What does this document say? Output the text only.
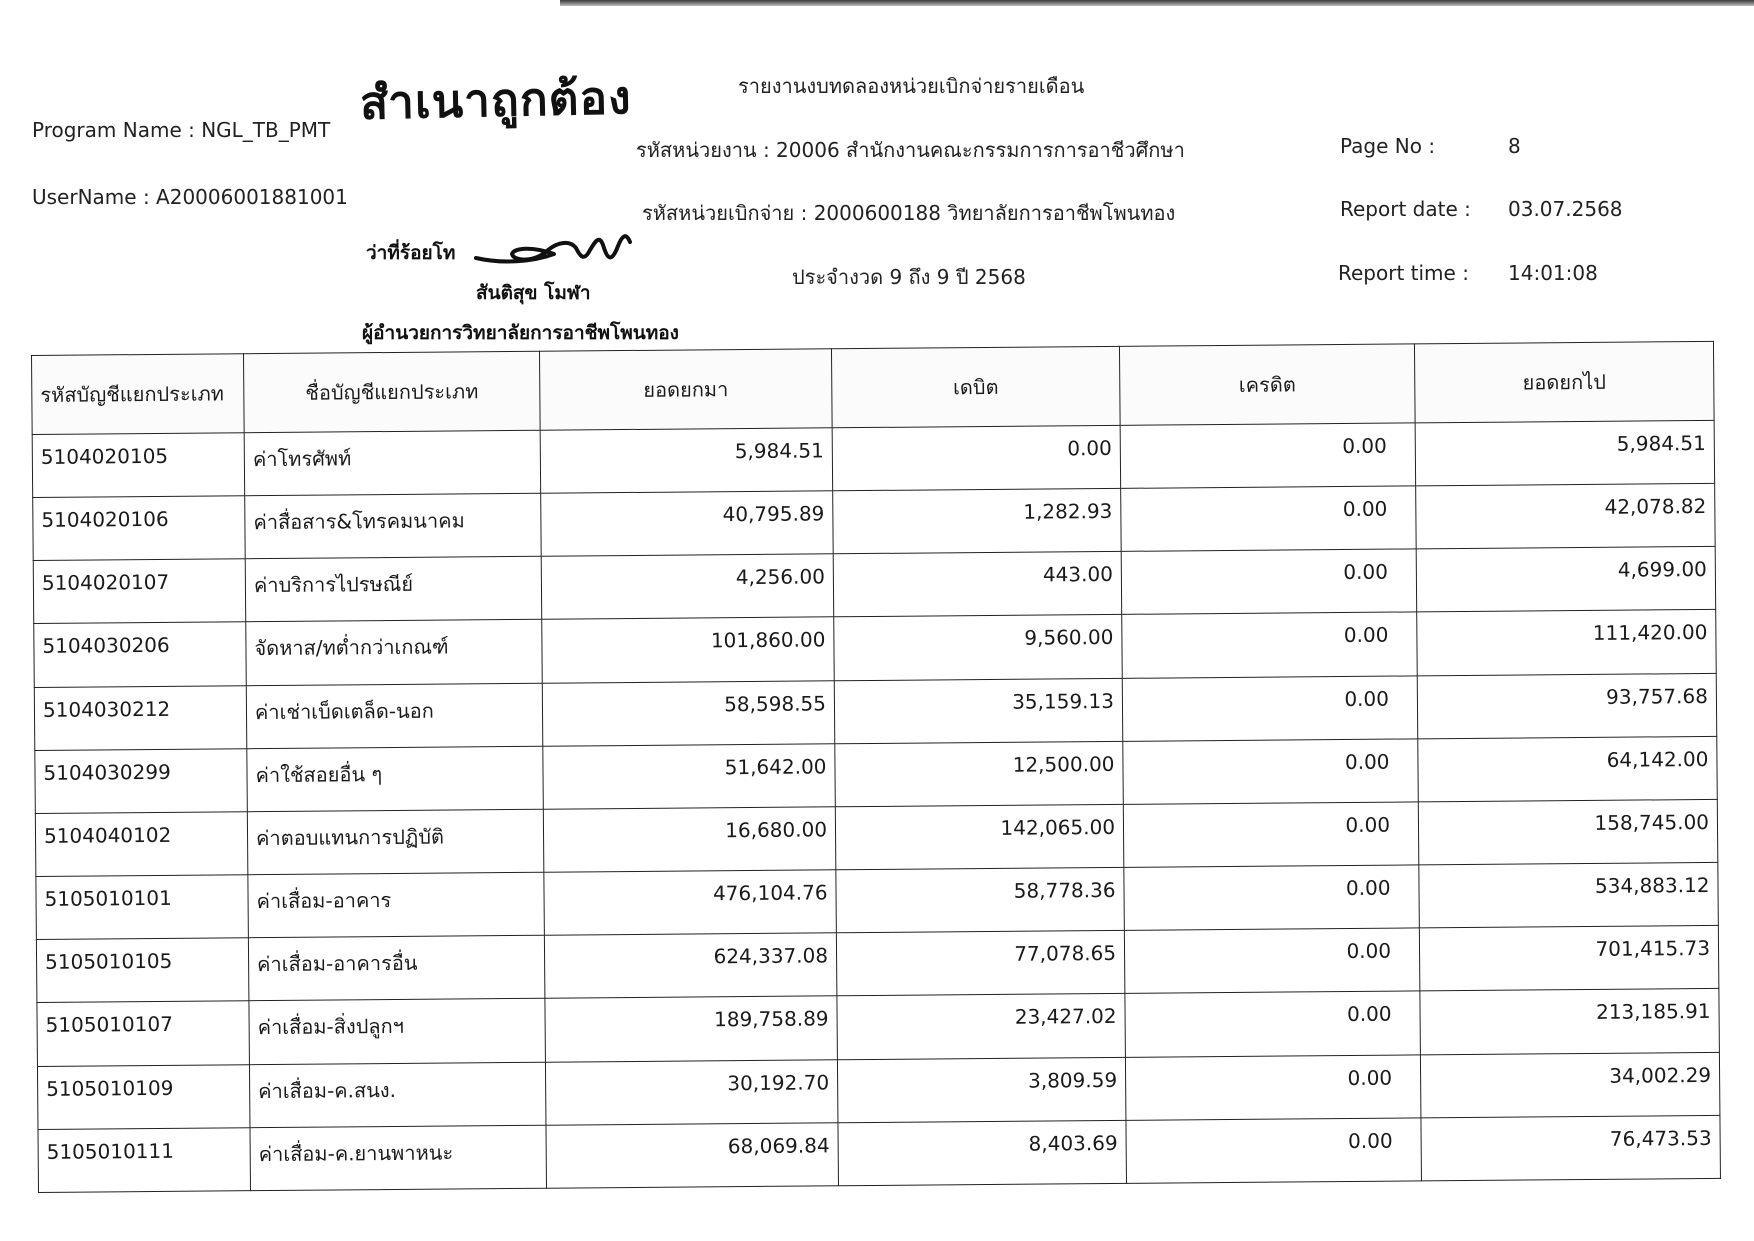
Program Name : NGL_TB_PMT
UserName : A20006001881001
สำเนาถูกต้อง	รายงานงบทดลองหน่วยเบิกจ่ายรายเดือน
รหัสหน่วยงาน : 20006 สำนักงานคณะกรรมการการอาชีวศึกษา
รหัสหน่วยเบิกจ่าย : 2000600188 วิทยาลัยการอาชีพโพนทอง
ประจำงวด 9 ถึง 9 ปี 2568
Page No :	8
Report date : 03.07.2568
Report time : 14:01:08
ว่าที่ร้อยโท
สันติสุข โมฬา
ผู้อำนวยการวิทยาลัยการอาชีพโพนทอง
รหัสบัญชีแยกประเภท	ชื่อบัญชีแยกประเภท	ยอดยกมา	เดบิต	เครดิต	ยอดยกไป
5104020105	ค่าโทรศัพท์	5,984.51	0.00	0.00	5,984.51
5104020106	ค่าสื่อสาร&โทรคมนาคม	40,795.89	1,282.93	0.00	42,078.82
5104020107	ค่าบริการไปรษณีย์	4,256.00	443.00	0.00	4,699.00
5104030206	จัดหาส/ทต่ำกว่าเกณฑ์	101,860.00	9,560.00	0.00	111,420.00
5104030212	ค่าเช่าเบ็ดเตล็ด-นอก	58,598.55	35,159.13	0.00	93,757.68
5104030299	ค่าใช้สอยอื่น ๆ	51,642.00	12,500.00	0.00	64,142.00
5104040102	ค่าตอบแทนการปฏิบัติ	16,680.00	142,065.00	0.00	158,745.00
5105010101	ค่าเสื่อม-อาคาร	476,104.76	58,778.36	0.00	534,883.12
5105010105	ค่าเสื่อม-อาคารอื่น	624,337.08	77,078.65	0.00	701,415.73
5105010107	ค่าเสื่อม-สิ่งปลูกฯ	189,758.89	23,427.02	0.00	213,185.91
5105010109	ค่าเสื่อม-ค.สนง.	30,192.70	3,809.59	0.00	34,002.29
5105010111	ค่าเสื่อม-ค.ยานพาหนะ	68,069.84	8,403.69	0.00	76,473.53
